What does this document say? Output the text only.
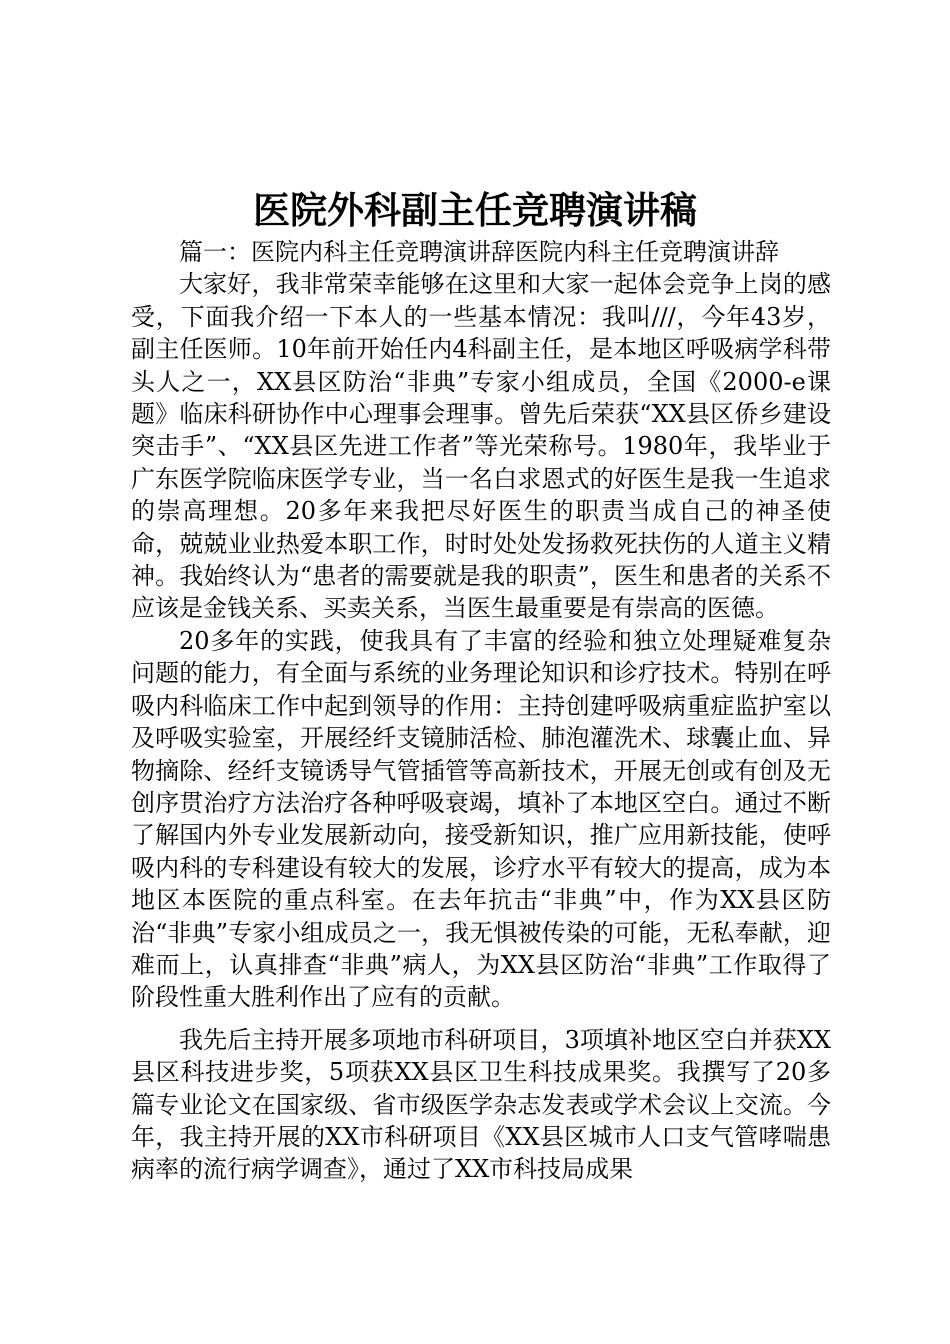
医院外科副主任竞聘演讲稿

篇一：医院内科主任竞聘演讲辞医院内科主任竞聘演讲辞

大家好，我非常荣幸能够在这里和大家一起体会竞争上岗的感受，下面我介绍一下本人的一些基本情况：我叫///，今年43岁，副主任医师。10年前开始任内4科副主任，是本地区呼吸病学科带头人之一，XX县区防治“非典”专家小组成员，全国《2000-e课题》临床科研协作中心理事会理事。曾先后荣获“XX县区侨乡建设突击手”、“XX县区先进工作者”等光荣称号。1980年，我毕业于广东医学院临床医学专业，当一名白求恩式的好医生是我一生追求的崇高理想。20多年来我把尽好医生的职责当成自己的神圣使命，兢兢业业热爱本职工作，时时处处发扬救死扶伤的人道主义精神。我始终认为“患者的需要就是我的职责”，医生和患者的关系不应该是金钱关系、买卖关系，当医生最重要是有崇高的医德。

20多年的实践，使我具有了丰富的经验和独立处理疑难复杂问题的能力，有全面与系统的业务理论知识和诊疗技术。特别在呼吸内科临床工作中起到领导的作用：主持创建呼吸病重症监护室以及呼吸实验室，开展经纤支镜肺活检、肺泡灌洗术、球囊止血、异物摘除、经纤支镜诱导气管插管等高新技术，开展无创或有创及无创序贯治疗方法治疗各种呼吸衰竭，填补了本地区空白。通过不断了解国内外专业发展新动向，接受新知识，推广应用新技能，使呼吸内科的专科建设有较大的发展，诊疗水平有较大的提高，成为本地区本医院的重点科室。在去年抗击“非典”中，作为XX县区防治“非典”专家小组成员之一，我无惧被传染的可能，无私奉献，迎难而上，认真排查“非典”病人，为XX县区防治“非典”工作取得了阶段性重大胜利作出了应有的贡献。

我先后主持开展多项地市科研项目，3项填补地区空白并获XX县区科技进步奖，5项获XX县区卫生科技成果奖。我撰写了20多篇专业论文在国家级、省市级医学杂志发表或学术会议上交流。今年，我主持开展的XX市科研项目《XX县区城市人口支气管哮喘患病率的流行病学调查》，通过了XX市科技局成果
